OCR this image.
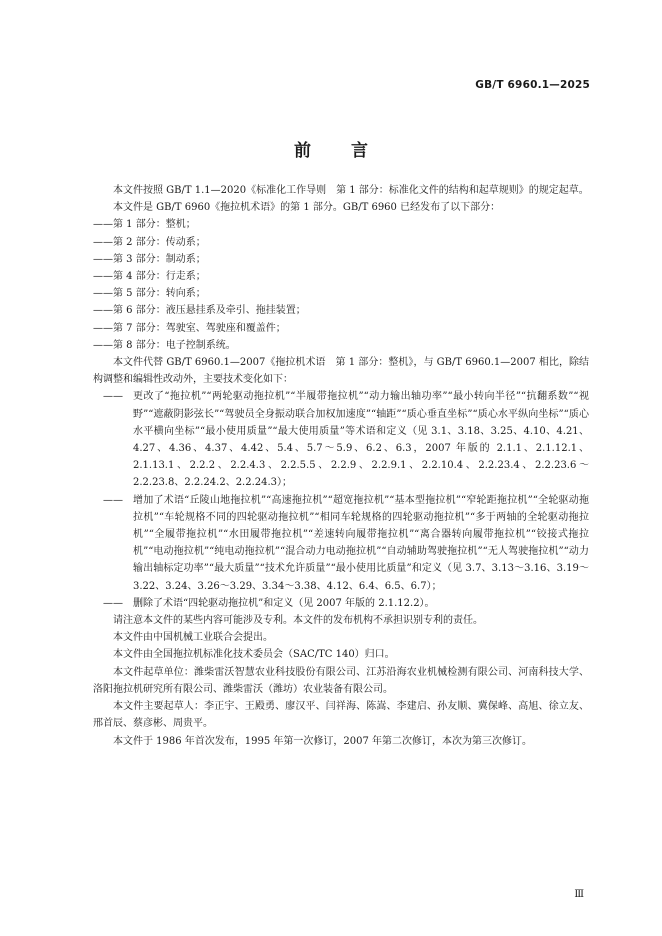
GB/T 6960.1—2025
前言

本文件按照 GB/T 1.1—2020《标准化工作导则　第 1 部分：标准化文件的结构和起草规则》的规定起草。

本文件是 GB/T 6960《拖拉机术语》的第 1 部分。GB/T 6960 已经发布了以下部分：

—— 第 1 部分：整机；

—— 第 2 部分：传动系；

—— 第 3 部分：制动系；

—— 第 4 部分：行走系；

—— 第 5 部分：转向系；

—— 第 6 部分：液压悬挂系及牵引、拖挂装置；

—— 第 7 部分：驾驶室、驾驶座和覆盖件；

—— 第 8 部分：电子控制系统。

本文件代替 GB/T 6960.1—2007《拖拉机术语　第 1 部分：整机》，与 GB/T 6960.1—2007 相比，除结构调整和编辑性改动外，主要技术变化如下：

—— 更改了“拖拉机”“两轮驱动拖拉机”“半履带拖拉机”“动力输出轴功率”“最小转向半径”“抗翻系数”“视野”“遮蔽阴影弦长”“驾驶员全身振动联合加权加速度”“轴距”“质心垂直坐标”“质心水平纵向坐标”“质心水平横向坐标”“最小使用质量”“最大使用质量”等术语和定义（见 3.1、3.18、3.25、4.10、4.21、4.27、4.36、4.37、4.42、5.4、5.7～5.9、6.2、6.3，2007 年版的 2.1.1、2.1.12.1、2.1.13.1、2.2.2、2.2.4.3、2.2.5.5、2.2.9、2.2.9.1、2.2.10.4、2.2.23.4、2.2.23.6～2.2.23.8、2.2.24.2、2.2.24.3）；

—— 增加了术语“丘陵山地拖拉机”“高速拖拉机”“超宽拖拉机”“基本型拖拉机”“窄轮距拖拉机”“全轮驱动拖拉机”“车轮规格不同的四轮驱动拖拉机”“相同车轮规格的四轮驱动拖拉机”“多于两轴的全轮驱动拖拉机”“全履带拖拉机”“水田履带拖拉机”“差速转向履带拖拉机”“离合器转向履带拖拉机”“铰接式拖拉机”“电动拖拉机”“纯电动拖拉机”“混合动力电动拖拉机”“自动辅助驾驶拖拉机”“无人驾驶拖拉机”“动力输出轴标定功率”“最大质量”“技术允许质量”“最小使用比质量”和定义（见 3.7、3.13～3.16、3.19～3.22、3.24、3.26～3.29、3.34～3.38、4.12、6.4、6.5、6.7）；

—— 删除了术语“四轮驱动拖拉机”和定义（见 2007 年版的 2.1.12.2）。

请注意本文件的某些内容可能涉及专利。本文件的发布机构不承担识别专利的责任。

本文件由中国机械工业联合会提出。

本文件由全国拖拉机标准化技术委员会（SAC/TC 140）归口。

本文件起草单位：潍柴雷沃智慧农业科技股份有限公司、江苏沿海农业机械检测有限公司、河南科技大学、洛阳拖拉机研究所有限公司、潍柴雷沃（潍坊）农业装备有限公司。

本文件主要起草人：李正宇、王殿勇、廖汉平、闫祥海、陈嵩、李建启、孙友顺、冀保峰、高旭、徐立友、邢首辰、蔡彦彬、周贵平。

本文件于 1986 年首次发布，1995 年第一次修订，2007 年第二次修订，本次为第三次修订。

Ⅲ
